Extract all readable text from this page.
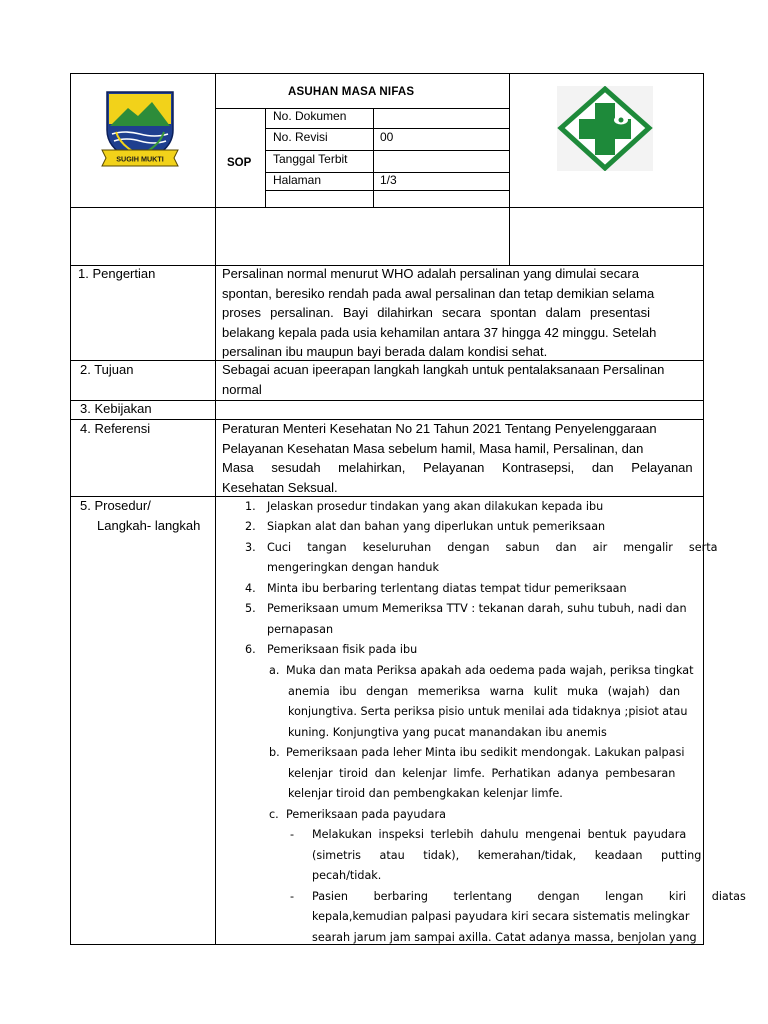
SUGIH MUKTI
ASUHAN MASA NIFAS
SOP
No. Dokumen
No. Revisi	00
Tanggal Terbit
Halaman	1/3
1. Pengertian	Persalinan normal menurut WHO adalah persalinan yang dimulai secara
spontan, beresiko rendah pada awal persalinan dan tetap demikian selama
proses persalinan. Bayi dilahirkan secara spontan dalam presentasi
belakang kepala pada usia kehamilan antara 37 hingga 42 minggu. Setelah
persalinan ibu maupun bayi berada dalam kondisi sehat.
2. Tujuan	Sebagai acuan ipeerapan langkah langkah untuk pentalaksanaan Persalinan
normal
3. Kebijakan
4. Referensi	Peraturan Menteri Kesehatan No 21 Tahun 2021 Tentang Penyelenggaraan
Pelayanan Kesehatan Masa sebelum hamil, Masa hamil, Persalinan, dan
Masa sesudah melahirkan, Pelayanan Kontrasepsi, dan Pelayanan
Kesehatan Seksual.
5. Prosedur/
Langkah- langkah
1. Jelaskan prosedur tindakan yang akan dilakukan kepada ibu
2. Siapkan alat dan bahan yang diperlukan untuk pemeriksaan
3. Cuci tangan keseluruhan dengan sabun dan air mengalir serta
mengeringkan dengan handuk
4. Minta ibu berbaring terlentang diatas tempat tidur pemeriksaan
5. Pemeriksaan umum Memeriksa TTV : tekanan darah, suhu tubuh, nadi dan
pernapasan
6. Pemeriksaan fisik pada ibu
a. Muka dan mata Periksa apakah ada oedema pada wajah, periksa tingkat
anemia ibu dengan memeriksa warna kulit muka (wajah) dan
konjungtiva. Serta periksa pisio untuk menilai ada tidaknya ;pisiot atau
kuning. Konjungtiva yang pucat manandakan ibu anemis
b. Pemeriksaan pada leher Minta ibu sedikit mendongak. Lakukan palpasi
kelenjar tiroid dan kelenjar limfe. Perhatikan adanya pembesaran
kelenjar tiroid dan pembengkakan kelenjar limfe.
c. Pemeriksaan pada payudara
- Melakukan inspeksi terlebih dahulu mengenai bentuk payudara
(simetris atau tidak), kemerahan/tidak, keadaan putting
pecah/tidak.
- Pasien berbaring terlentang dengan lengan kiri diatas
kepala,kemudian palpasi payudara kiri secara sistematis melingkar
searah jarum jam sampai axilla. Catat adanya massa, benjolan yang
